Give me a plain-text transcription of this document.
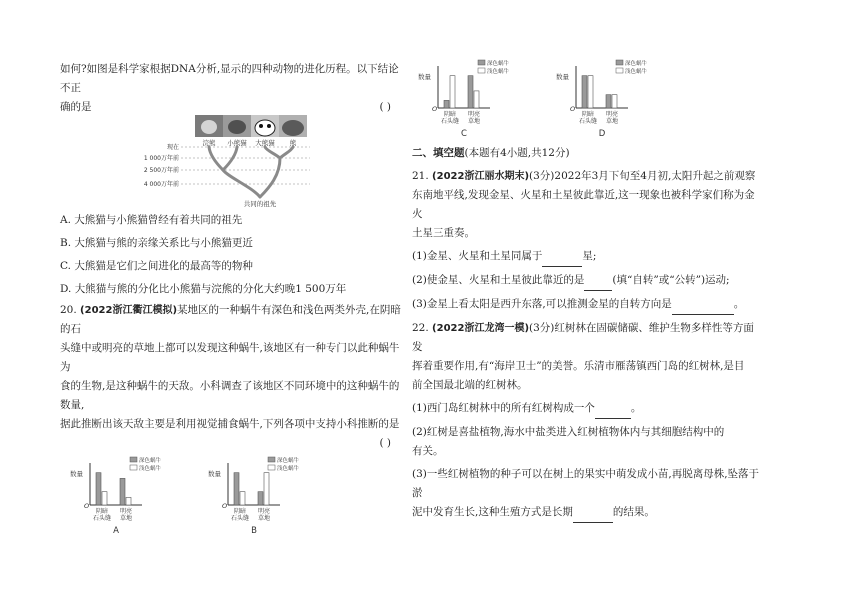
如何?如图是科学家根据DNA分析,显示的四种动物的进化历程。以下结论不正

确的是	( )

浣熊 小熊猫 大熊猫 熊
现在
1 000万年前
2 500万年前
4 000万年前
共同的祖先

A. 大熊猫与小熊猫曾经有着共同的祖先

B. 大熊猫与熊的亲缘关系比与小熊猫更近

C. 大熊猫是它们之间进化的最高等的物种

D. 大熊猫与熊的分化比小熊猫与浣熊的分化大约晚1 500万年

20. (2022浙江衢江模拟)某地区的一种蜗牛有深色和浅色两类外壳,在阴暗的石

头缝中或明亮的草地上都可以发现这种蜗牛,该地区有一种专门以此种蜗牛为

食的生物,是这种蜗牛的天敌。小科调查了该地区不同环境中的这种蜗牛的数量,

据此推断出该天敌主要是利用视觉捕食蜗牛,下列各项中支持小科推断的是

( )

数量
O
深色蜗牛
浅色蜗牛
阴暗
石头缝
明亮
草地
A
数量
O
深色蜗牛
浅色蜗牛
阴暗
石头缝
明亮
草地
B
数量
O
深色蜗牛
浅色蜗牛
阴暗
石头缝
明亮
草地
C
数量
O
深色蜗牛
浅色蜗牛
阴暗
石头缝
明亮
草地
D

二、填空题(本题有4小题,共12分)

21. (2022浙江丽水期末)(3分)2022年3月下旬至4月初,太阳升起之前观察

东南地平线,发现金星、火星和土星彼此靠近,这一现象也被科学家们称为金火

土星三重奏。

(1)金星、火星和土星同属于	星;

(2)使金星、火星和土星彼此靠近的是	(填“自转”或“公转”)运动;

(3)金星上看太阳是西升东落,可以推测金星的自转方向是	。

22. (2022浙江龙湾一模)(3分)红树林在固碳储碳、维护生物多样性等方面发

挥着重要作用,有“海岸卫士”的美誉。乐清市雁荡镇西门岛的红树林,是目

前全国最北端的红树林。

(1)西门岛红树林中的所有红树构成一个	。

(2)红树是喜盐植物,海水中盐类进入红树植物体内与其细胞结构中的

有关。

(3)一些红树植物的种子可以在树上的果实中萌发成小苗,再脱离母株,坠落于淤

泥中发育生长,这种生殖方式是长期	的结果。
